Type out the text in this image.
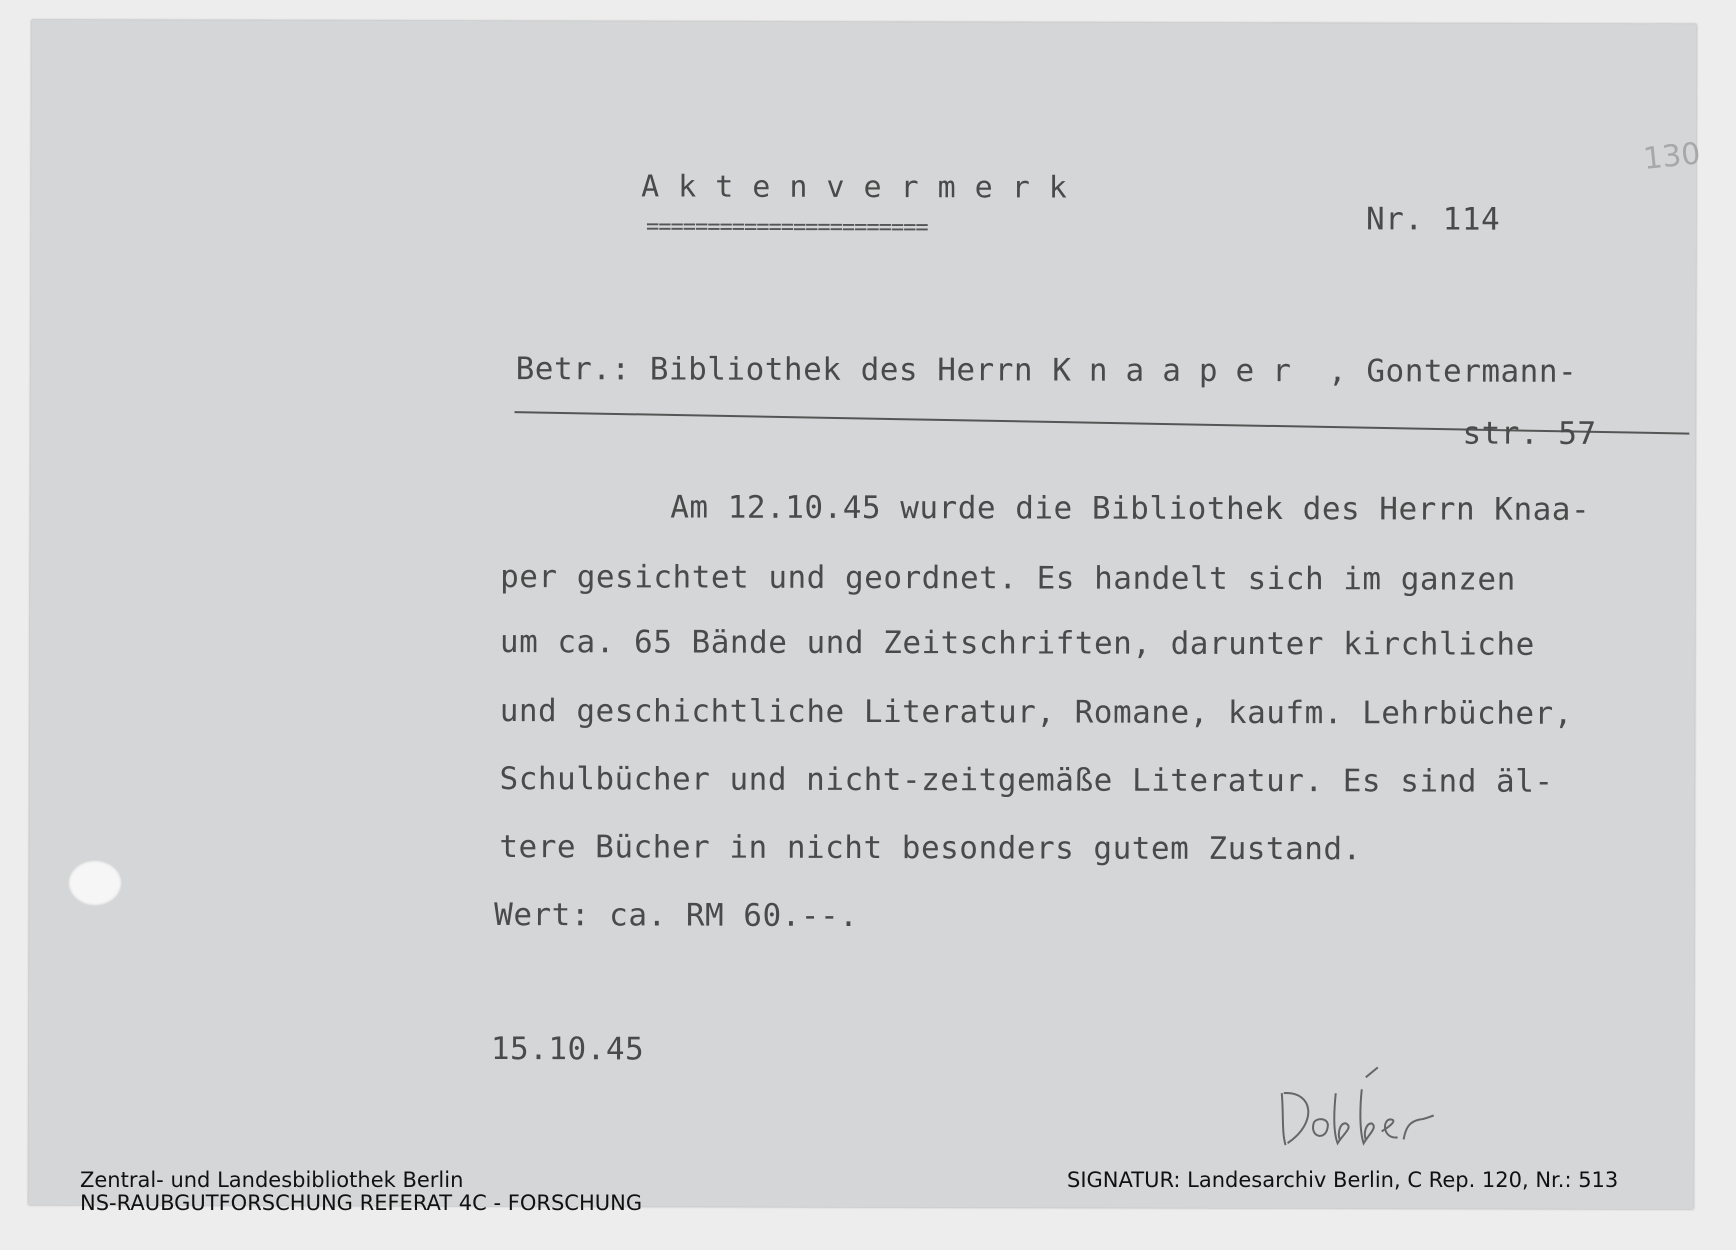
Aktenvermerk
=======================	Nr. 114
130
Betr.: Bibliothek des Herrn Knaaper , Gontermann-
str. 57
Am 12.10.45 wurde die Bibliothek des Herrn Knaa-
per gesichtet und geordnet. Es handelt sich im ganzen
um ca. 65 Bände und Zeitschriften, darunter kirchliche
und geschichtliche Literatur, Romane, kaufm. Lehrbücher,
Schulbücher und nicht-zeitgemäße Literatur. Es sind äl-
tere Bücher in nicht besonders gutem Zustand.
Wert: ca. RM 60.--.
15.10.45
Zentral- und Landesbibliothek Berlin
NS-RAUBGUTFORSCHUNG REFERAT 4C - FORSCHUNG
SIGNATUR: Landesarchiv Berlin, C Rep. 120, Nr.: 513
